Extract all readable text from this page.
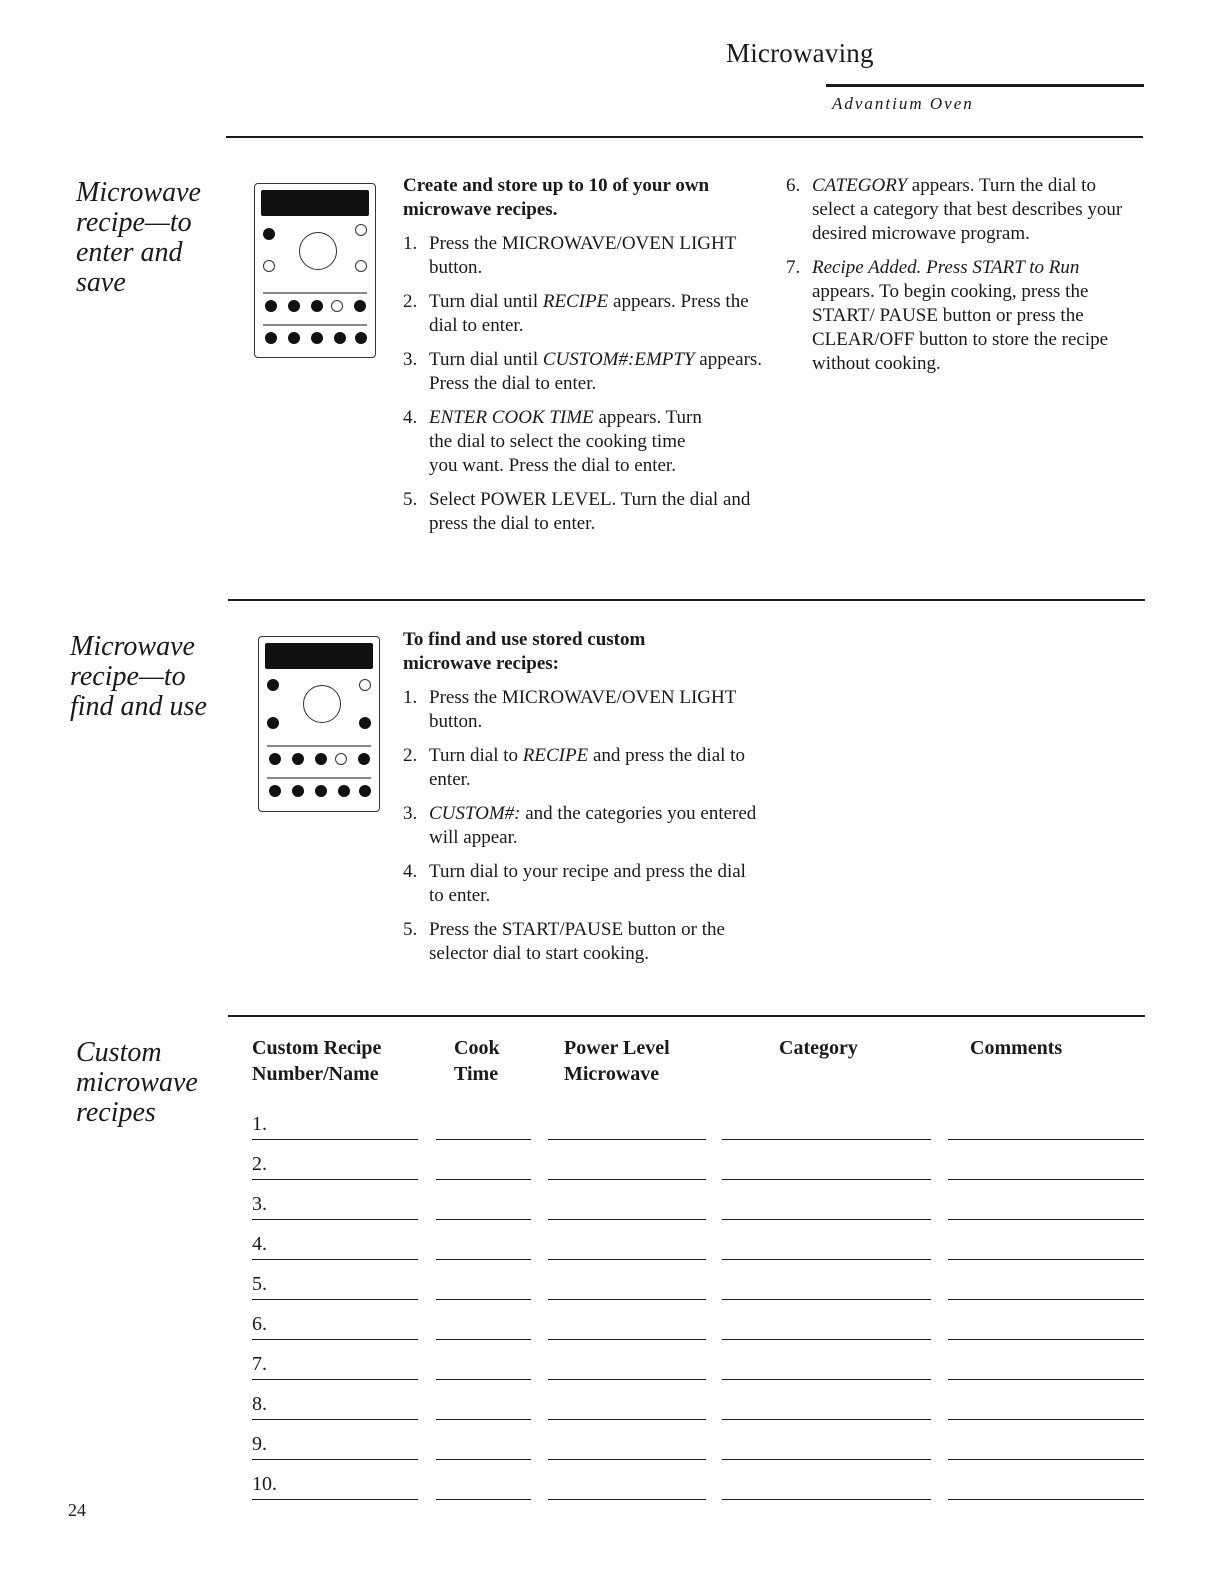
Microwaving
Advantium Oven
Microwave
recipe—to
enter and
save
Create and store up to 10 of your own microwave recipes.
1. Press the MICROWAVE/OVEN LIGHT button.
2. Turn dial until RECIPE appears. Press the dial to enter.
3. Turn dial until CUSTOM#:EMPTY appears. Press the dial to enter.
4. ENTER COOK TIME appears. Turn the dial to select the cooking time you want. Press the dial to enter.
5. Select POWER LEVEL. Turn the dial and press the dial to enter.
6. CATEGORY appears. Turn the dial to select a category that best describes your desired microwave program.
7. Recipe Added. Press START to Run appears. To begin cooking, press the START/ PAUSE button or press the CLEAR/OFF button to store the recipe without cooking.
Microwave
recipe—to
find and use
To find and use stored custom microwave recipes:
1. Press the MICROWAVE/OVEN LIGHT button.
2. Turn dial to RECIPE and press the dial to enter.
3. CUSTOM#: and the categories you entered will appear.
4. Turn dial to your recipe and press the dial to enter.
5. Press the START/PAUSE button or the selector dial to start cooking.
Custom
microwave
recipes
Custom Recipe
Number/Name
Cook
Time
Power Level
Microwave
Category	Comments
1.
2.
3.
4.
5.
6.
7.
8.
9.
10.
24
